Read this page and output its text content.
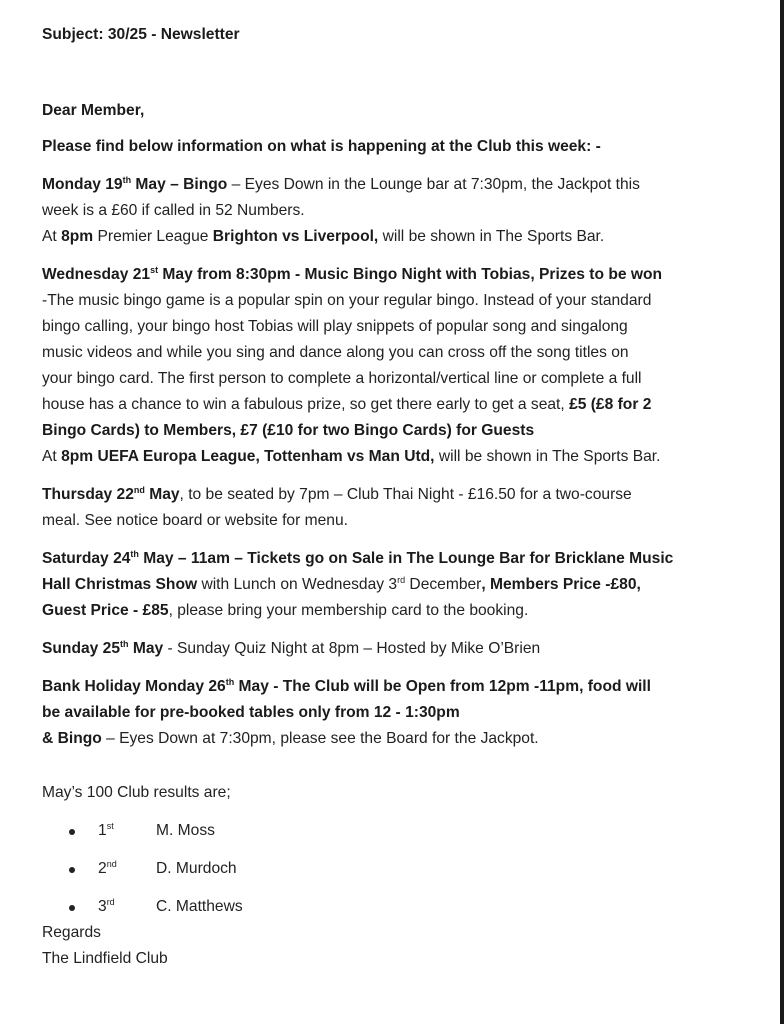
Subject: 30/25 - Newsletter

Dear Member,

Please find below information on what is happening at the Club this week: -

Monday 19th May – Bingo – Eyes Down in the Lounge bar at 7:30pm, the Jackpot this

week is a £60 if called in 52 Numbers.

At 8pm Premier League Brighton vs Liverpool, will be shown in The Sports Bar.

Wednesday 21st May from 8:30pm - Music Bingo Night with Tobias, Prizes to be won

-The music bingo game is a popular spin on your regular bingo. Instead of your standard

bingo calling, your bingo host Tobias will play snippets of popular song and singalong

music videos and while you sing and dance along you can cross off the song titles on

your bingo card. The first person to complete a horizontal/vertical line or complete a full

house has a chance to win a fabulous prize, so get there early to get a seat, £5 (£8 for 2

Bingo Cards) to Members, £7 (£10 for two Bingo Cards) for Guests

At 8pm UEFA Europa League, Tottenham vs Man Utd, will be shown in The Sports Bar.

Thursday 22nd May, to be seated by 7pm – Club Thai Night - £16.50 for a two-course

meal. See notice board or website for menu.

Saturday 24th May – 11am – Tickets go on Sale in The Lounge Bar for Bricklane Music

Hall Christmas Show with Lunch on Wednesday 3rd December, Members Price -£80,

Guest Price - £85, please bring your membership card to the booking.

Sunday 25th May - Sunday Quiz Night at 8pm – Hosted by Mike O’Brien

Bank Holiday Monday 26th May - The Club will be Open from 12pm -11pm, food will

be available for pre-booked tables only from 12 - 1:30pm

& Bingo – Eyes Down at 7:30pm, please see the Board for the Jackpot.

May’s 100 Club results are;

1st	M. Moss
2nd	D. Murdoch
3rd	C. Matthews

Regards

The Lindfield Club
